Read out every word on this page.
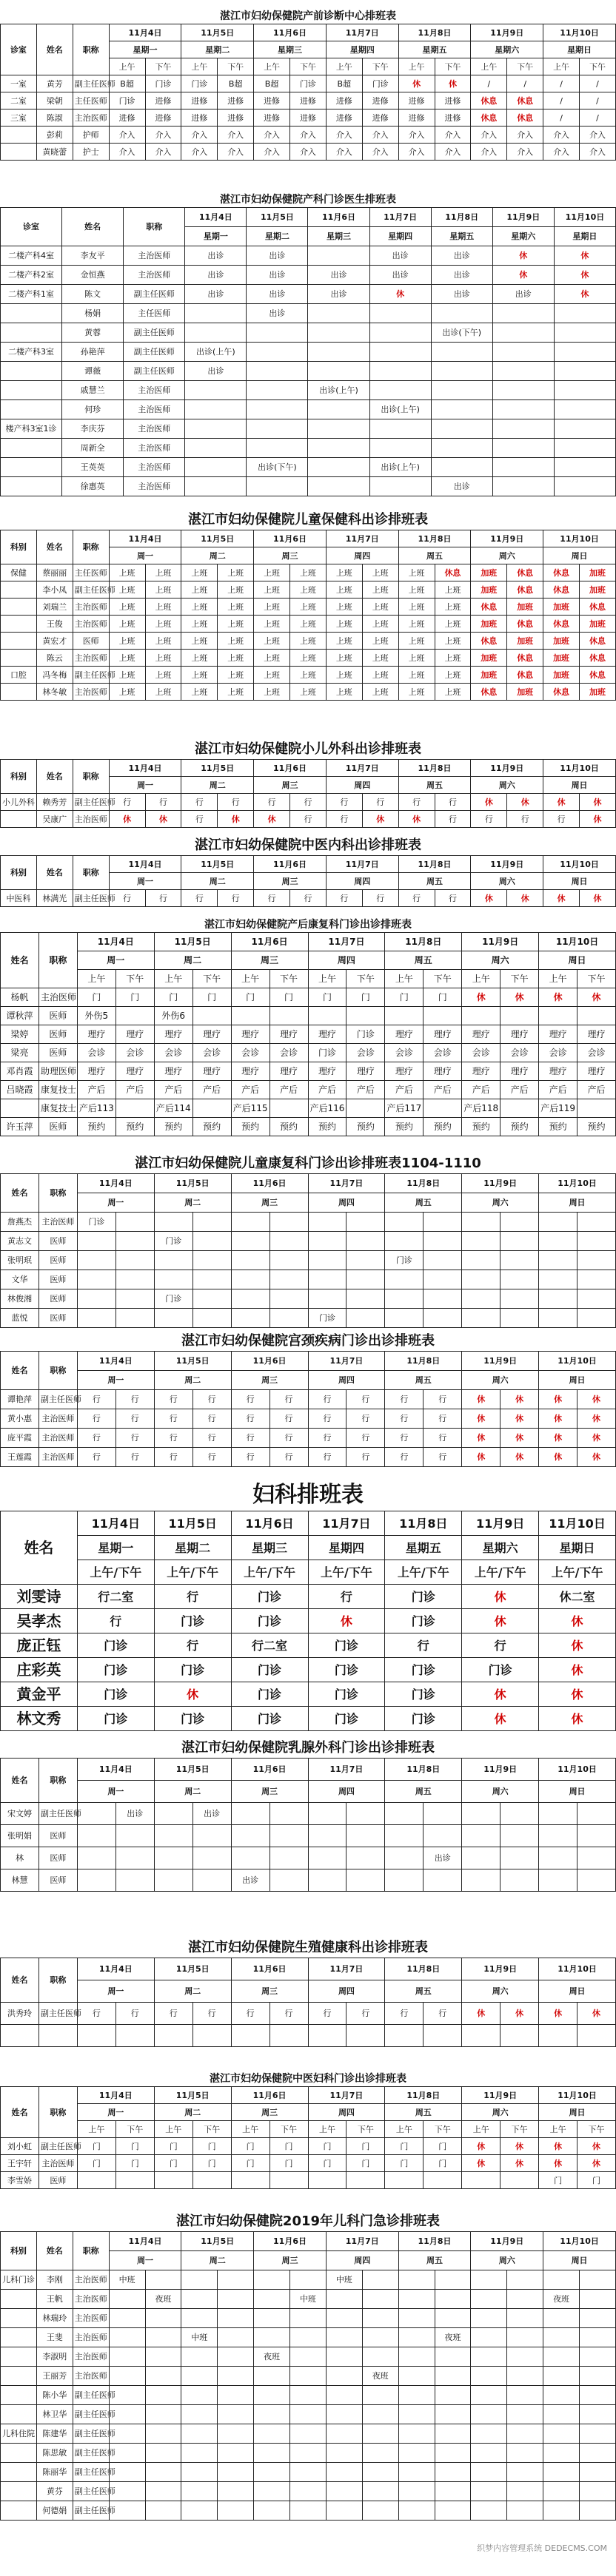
湛江市妇幼保健院产前诊断中心排班表
诊室	姓名	职称	11月4日		11月5日		11月6日		11月7日		11月8日		11月9日		11月10日	
			星期一		星期二		星期三		星期四		星期五		星期六		星期日	
			上午	下午	上午	下午	上午	下午	上午	下午	上午	下午	上午	下午	上午	下午
一室	黄芳	副主任医师	B超	门诊	门诊	B超	B超	门诊	B超	门诊	休	休	/	/	/	/
二室	梁朝	主任医师	门诊	进修	进修	进修	进修	进修	进修	进修	进修	进修	休息	休息	/	/
三室	陈淑	主治医师	进修	进修	进修	进修	进修	进修	进修	进修	进修	进修	休息	休息	/	/
	彭莉	护师	介入	介入	介入	介入	介入	介入	介入	介入	介入	介入	介入	介入	介入	介入
	黄晓蕾	护士	介入	介入	介入	介入	介入	介入	介入	介入	介入	介入	介入	介入	介入	介入
湛江市妇幼保健院产科门诊医生排班表
诊室	姓名	职称	11月4日	11月5日	11月6日	11月7日	11月8日	11月9日	11月10日
			星期一	星期二	星期三	星期四	星期五	星期六	星期日
二楼产科4室	李友平	主治医师	出诊	出诊		出诊	出诊	休	休
二楼产科2室	金恒燕	主治医师	出诊	出诊	出诊	出诊	出诊	休	休
二楼产科1室	陈文	副主任医师	出诊	出诊	出诊	休	出诊	出诊	休
	杨娟	主任医师		出诊					
	黄蓉	副主任医师					出诊(下午)		
二楼产科3室	孙艳萍	副主任医师	出诊(上午)						
	谭薇	副主任医师	出诊						
	戚慧兰	主治医师			出诊(上午)				
	何珍	主治医师				出诊(上午)			
楼产科3室1诊	李庆芬	主治医师							
	周新全	主治医师							
	王英英	主治医师		出诊(下午)		出诊(上午)			
	徐惠英	主治医师					出诊		
湛江市妇幼保健院儿童保健科出诊排班表
科别	姓名	职称	11月4日		11月5日		11月6日		11月7日		11月8日		11月9日		11月10日	
			周一		周二		周三		周四		周五		周六		周日	
保健	蔡丽丽	主任医师	上班	上班	上班	上班	上班	上班	上班	上班	上班	休息	加班	休息	休息	加班
	李小凤	副主任医师	上班	上班	上班	上班	上班	上班	上班	上班	上班	上班	加班	休息	休息	加班
	刘瑞兰	主治医师	上班	上班	上班	上班	上班	上班	上班	上班	上班	上班	休息	加班	加班	休息
	王俊	主治医师	上班	上班	上班	上班	上班	上班	上班	上班	上班	上班	加班	休息	休息	加班
	黄宏才	医师	上班	上班	上班	上班	上班	上班	上班	上班	上班	上班	休息	加班	加班	休息
	陈云	主治医师	上班	上班	上班	上班	上班	上班	上班	上班	上班	上班	加班	休息	加班	休息
口腔	冯冬梅	副主任医师	上班	上班	上班	上班	上班	上班	上班	上班	上班	上班	加班	休息	加班	休息
	林冬敏	主治医师	上班	上班	上班	上班	上班	上班	上班	上班	上班	上班	休息	加班	休息	加班
湛江市妇幼保健院小儿外科出诊排班表
科别	姓名	职称	11月4日		11月5日		11月6日		11月7日		11月8日		11月9日		11月10日	
			周一		周二		周三		周四		周五		周六		周日	
小儿外科	赖秀芳	副主任医师	行	行	行	行	行	行	行	行	行	行	休	休	休	休
	吴康广	主治医师	休	休	行	休	休	行	行	休	休	行	行	行	行	休
湛江市妇幼保健院中医内科出诊排班表
科别	姓名	职称	11月4日		11月5日		11月6日		11月7日		11月8日		11月9日		11月10日	
			周一		周二		周三		周四		周五		周六		周日	
中医科	林满光	副主任医师	行	行	行	行	行	行	行	行	行	行	休	休	休	休
湛江市妇幼保健院产后康复科门诊出诊排班表
姓名	职称	11月4日		11月5日		11月6日		11月7日		11月8日		11月9日		11月10日	
		周一		周二		周三		周四		周五		周六		周日	
		上午	下午	上午	下午	上午	下午	上午	下午	上午	下午	上午	下午	上午	下午
杨帆	主治医师	门	门	门	门	门	门	门	门	门	门	休	休	休	休
谭秋萍	医师	外伤5		外伤6											
梁婷	医师	理疗	理疗	理疗	理疗	理疗	理疗	理疗	门诊	理疗	理疗	理疗	理疗	理疗	理疗
梁亮	医师	会诊	会诊	会诊	会诊	会诊	会诊	门诊	会诊	会诊	会诊	会诊	会诊	会诊	会诊
邓肖霞	助理医师	理疗	理疗	理疗	理疗	理疗	理疗	理疗	理疗	理疗	理疗	理疗	理疗	理疗	理疗
吕晓霞	康复技士	产后	产后	产后	产后	产后	产后	产后	产后	产后	产后	产后	产后	产后	产后
	康复技士	产后113		产后114		产后115		产后116		产后117		产后118		产后119	
许玉萍	医师	预约	预约	预约	预约	预约	预约	预约	预约	预约	预约	预约	预约	预约	预约
湛江市妇幼保健院儿童康复科门诊出诊排班表1104-1110
姓名	职称	11月4日		11月5日		11月6日		11月7日		11月8日		11月9日		11月10日	
		周一		周二		周三		周四		周五		周六		周日	
詹燕杰	主治医师	门诊													
黄志文	医师			门诊											
张明珉	医师									门诊					
文华	医师														
林俊湘	医师			门诊											
蓝悦	医师							门诊							
湛江市妇幼保健院宫颈疾病门诊出诊排班表
姓名	职称	11月4日		11月5日		11月6日		11月7日		11月8日		11月9日		11月10日	
		周一		周二		周三		周四		周五		周六		周日	
谭艳萍	副主任医师	行	行	行	行	行	行	行	行	行	行	休	休	休	休
黄小惠	主治医师	行	行	行	行	行	行	行	行	行	行	休	休	休	休
庞平霞	主治医师	行	行	行	行	行	行	行	行	行	行	休	休	休	休
王莲霞	主治医师	行	行	行	行	行	行	行	行	行	行	休	休	休	休
妇科排班表
姓名	11月4日	11月5日	11月6日	11月7日	11月8日	11月9日	11月10日
	星期一	星期二	星期三	星期四	星期五	星期六	星期日
	上午/下午	上午/下午	上午/下午	上午/下午	上午/下午	上午/下午	上午/下午
刘雯诗	行二室	行	门诊	行	门诊	休	休二室
吴孝杰	行	门诊	门诊	休	门诊	休	休
庞正钰	门诊	行	行二室	门诊	行	行	休
庄彩英	门诊	门诊	门诊	门诊	门诊	门诊	休
黄金平	门诊	休	门诊	门诊	门诊	休	休
林文秀	门诊	门诊	门诊	门诊	门诊	休	休
湛江市妇幼保健院乳腺外科门诊出诊排班表
姓名	职称	11月4日		11月5日		11月6日		11月7日		11月8日		11月9日		11月10日	
		周一		周二		周三		周四		周五		周六		周日	
宋文婷	副主任医师		出诊		出诊										
张明娟	医师														
林	医师										出诊				
林慧	医师					出诊									
湛江市妇幼保健院生殖健康科出诊排班表
姓名	职称	11月4日		11月5日		11月6日		11月7日		11月8日		11月9日		11月10日	
		周一		周二		周三		周四		周五		周六		周日	
洪秀玲	副主任医师	行	行	行	行	行	行	行	行	行	行	休	休	休	休

湛江市妇幼保健院中医妇科门诊出诊排班表
姓名	职称	11月4日		11月5日		11月6日		11月7日		11月8日		11月9日		11月10日	
		周一		周二		周三		周四		周五		周六		周日	
		上午	下午	上午	下午	上午	下午	上午	下午	上午	下午	上午	下午	上午	下午
刘小虹	副主任医师	门	门	门	门	门	门	门	门	门	门	休	休	休	休
王宇轩	主治医师	门	门	门	门	门	门	门	门	门	门	休	休	休	休
李雪娇	医师													门	门
湛江市妇幼保健院2019年儿科门急诊排班表
科别	姓名	职称	11月4日		11月5日		11月6日		11月7日		11月8日		11月9日		11月10日	
			周一		周二		周三		周四		周五		周六		周日	
儿科门诊	李刚	主治医师	中班						中班							
	王帆	主治医师		夜班				中班							夜班	
	林瑞玲	主治医师														
	王斐	主治医师			中班							夜班				
	李淑明	主治医师					夜班									
	王丽芳	主治医师								夜班						
	陈小华	副主任医师														
	林卫华	副主任医师														
儿科住院	陈建华	副主任医师														
	陈思敏	副主任医师														
	陈丽华	副主任医师														
	黄芬	副主任医师														
	何德娟	副主任医师														
织梦内容管理系统 DEDECMS.COM
